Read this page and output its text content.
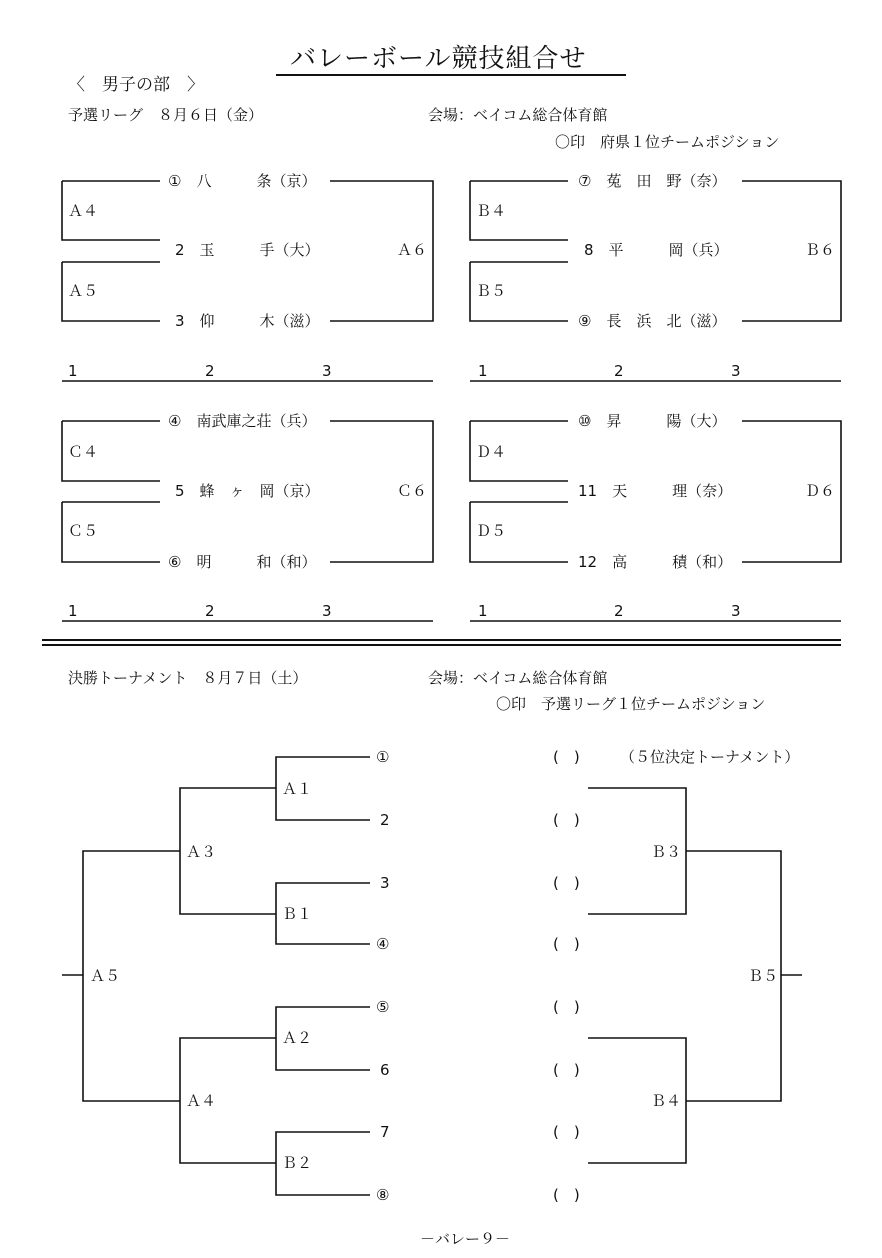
バレーボール競技組合せ
〈　男子の部　〉
予選リーグ　８月６日（金）	会場：ベイコム総合体育館
〇印　府県１位チームポジション
①　八　　　条（京）
2　玉　　　手（大）
3　仰　　　木（滋）
Ａ４
Ａ５
Ａ６
1	2	3
⑦　菟　田　野（奈）
8　平　　　岡（兵）
⑨　長　浜　北（滋）
Ｂ４
Ｂ５
Ｂ６
1	2	3
④　南武庫之荘（兵）
5　蜂　ヶ　岡（京）
⑥　明　　　和（和）
Ｃ４
Ｃ５
Ｃ６
1	2	3
⑩　昇　　　陽（大）
11　天　　　理（奈）
12　高　　　積（和）
Ｄ４
Ｄ５
Ｄ６
1	2	3
決勝トーナメント　８月７日（土）	会場：ベイコム総合体育館
〇印　予選リーグ１位チームポジション
①
2
3
④
⑤
6
7
⑧
Ａ１
Ｂ１
Ａ２
Ｂ２
Ａ３
Ａ４
Ａ５
（５位決定トーナメント）
(　)
(　)
(　)
(　)
(　)
(　)
(　)
(　)
Ｂ３
Ｂ４
Ｂ５
－バレー９－
